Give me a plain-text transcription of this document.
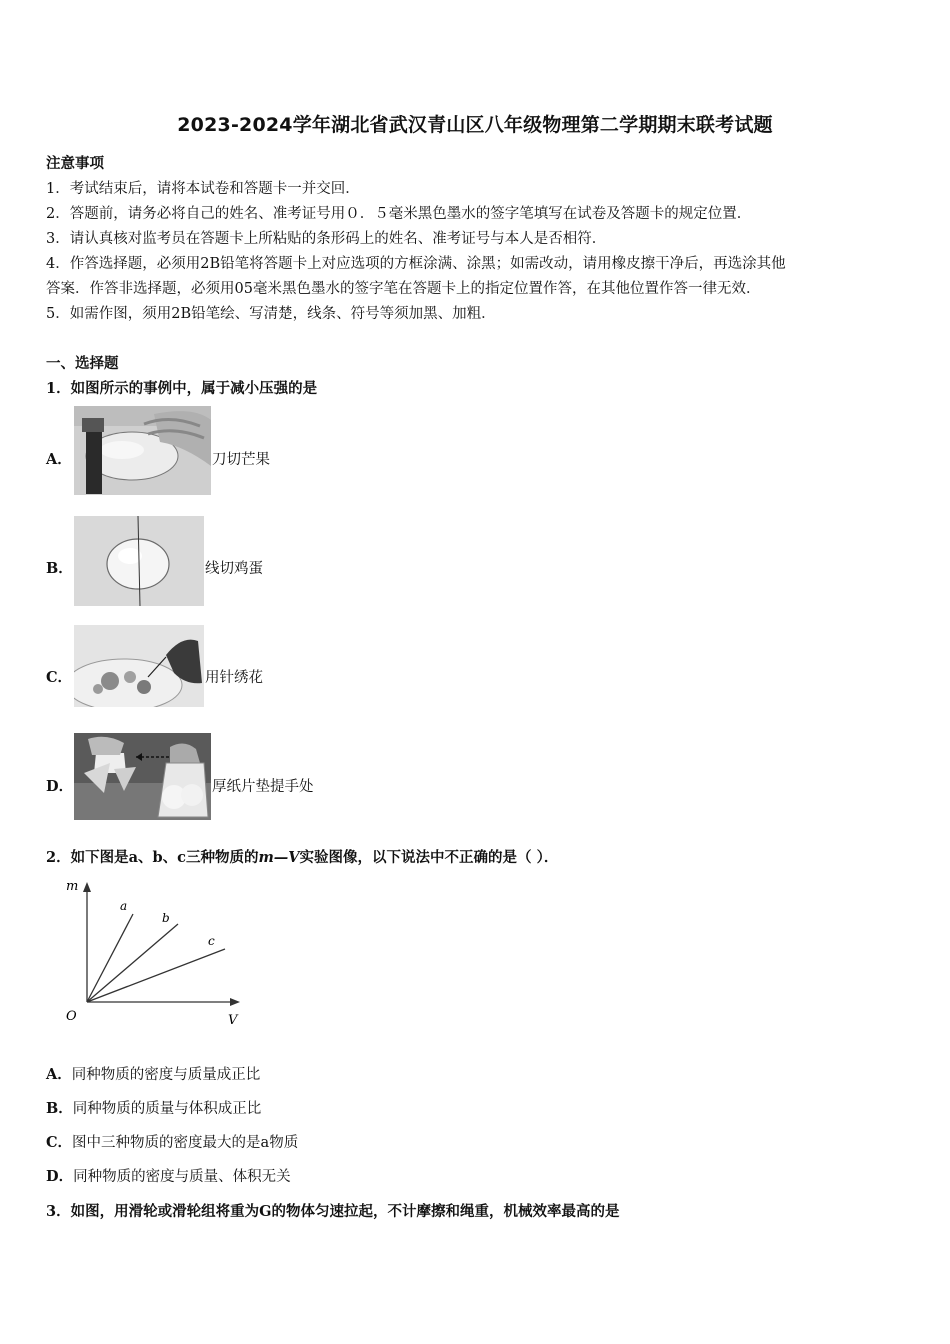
2023-2024学年湖北省武汉青山区八年级物理第二学期期末联考试题
注意事项
1．考试结束后，请将本试卷和答题卡一并交回．
2．答题前，请务必将自己的姓名、准考证号用０．５毫米黑色墨水的签字笔填写在试卷及答题卡的规定位置．
3．请认真核对监考员在答题卡上所粘贴的条形码上的姓名、准考证号与本人是否相符．
4．作答选择题，必须用2B铅笔将答题卡上对应选项的方框涂满、涂黑；如需改动，请用橡皮擦干净后，再选涂其他
答案．作答非选择题，必须用05毫米黑色墨水的签字笔在答题卡上的指定位置作答，在其他位置作答一律无效．
5．如需作图，须用2B铅笔绘、写清楚，线条、符号等须加黑、加粗．
一、选择题
1．如图所示的事例中，属于减小压强的是
A．	刀切芒果
B．	线切鸡蛋
C．	用针绣花
D．	厚纸片垫提手处
2．如下图是a、b、c三种物质的m—V实验图像，以下说法中不正确的是（ ）．
m
V
O
a
b
c
A．同种物质的密度与质量成正比
B．同种物质的质量与体积成正比
C．图中三种物质的密度最大的是a物质
D．同种物质的密度与质量、体积无关
3．如图，用滑轮或滑轮组将重为G的物体匀速拉起，不计摩擦和绳重，机械效率最高的是
